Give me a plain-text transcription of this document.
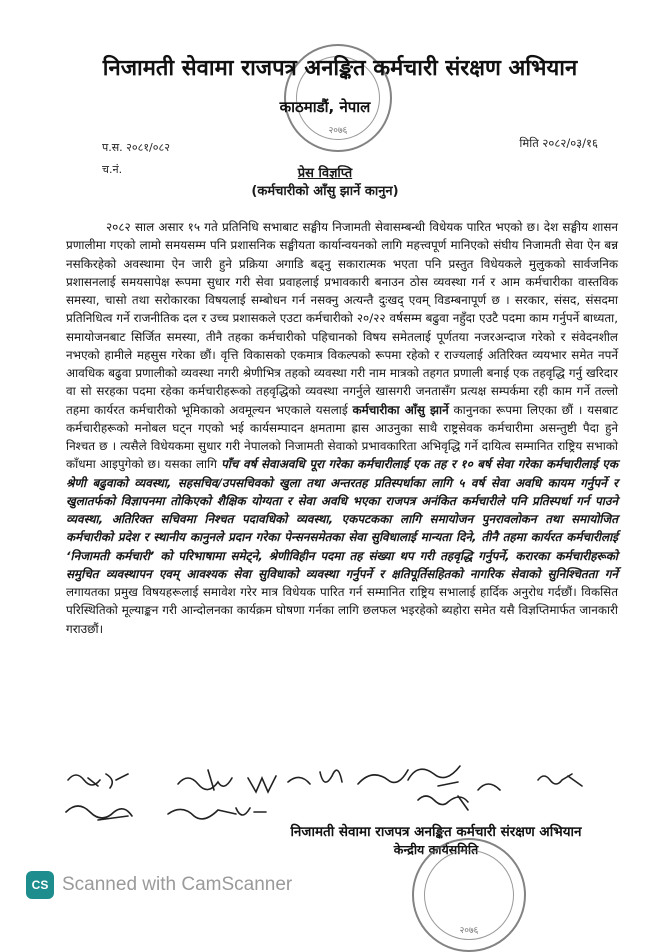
२०७६
निजामती सेवामा राजपत्र अनङ्कित कर्मचारी संरक्षण अभियान
काठमाडौं, नेपाल
प.स. २०८१/०८२
च.नं.
मिति २०८२/०३/१६
प्रेस विज्ञप्ति
(कर्मचारीको आँसु झार्ने कानुन)

२०८२ साल असार १५ गते प्रतिनिधि सभाबाट सङ्घीय निजामती सेवासम्बन्धी विधेयक पारित भएको छ। देश सङ्घीय शासन प्रणालीमा गएको लामो समयसम्म पनि प्रशासनिक सङ्घीयता कार्यान्वयनको लागि महत्त्वपूर्ण मानिएको संघीय निजामती सेवा ऐन बन्न नसकिरहेको अवस्थामा ऐन जारी हुने प्रक्रिया अगाडि बढ्नु सकारात्मक भएता पनि प्रस्तुत विधेयकले मुलुकको सार्वजनिक प्रशासनलाई समयसापेक्ष रूपमा सुधार गरी सेवा प्रवाहलाई प्रभावकारी बनाउन ठोस व्यवस्था गर्न र आम कर्मचारीका वास्तविक समस्या, चासो तथा सरोकारका विषयलाई सम्बोधन गर्न नसक्नु अत्यन्तै दुःखद् एवम् विडम्बनापूर्ण छ । सरकार, संसद, संसदमा प्रतिनिधित्व गर्ने राजनीतिक दल र उच्च प्रशासकले एउटा कर्मचारीको २०/२२ वर्षसम्म बढुवा नहुँदा एउटै पदमा काम गर्नुपर्ने बाध्यता, समायोजनबाट सिर्जित समस्या, तीनै तहका कर्मचारीको पहिचानको विषय समेतलाई पूर्णतया नजरअन्दाज गरेको र संवेदनशील नभएको हामीले महसुस गरेका छौं। वृत्ति विकासको एकमात्र विकल्पको रूपमा रहेको र राज्यलाई अतिरिक्त व्ययभार समेत नपर्ने आवधिक बढुवा प्रणालीको व्यवस्था नगरी श्रेणीभित्र तहको व्यवस्था गरी नाम मात्रको तहगत प्रणाली बनाई एक तहवृद्धि गर्नु खरिदार वा सो सरहका पदमा रहेका कर्मचारीहरूको तहवृद्धिको व्यवस्था नगर्नुले खासगरी जनतासँग प्रत्यक्ष सम्पर्कमा रही काम गर्ने तल्लो तहमा कार्यरत कर्मचारीको भूमिकाको अवमूल्यन भएकाले यसलाई कर्मचारीका आँसु झार्ने कानुनका रूपमा लिएका छौं । यसबाट कर्मचारीहरूको मनोबल घट्न गएको भई कार्यसम्पादन क्षमतामा ह्रास आउनुका साथै राष्ट्रसेवक कर्मचारीमा असन्तुष्टी पैदा हुने निश्चत छ । त्यसैले विधेयकमा सुधार गरी नेपालको निजामती सेवाको प्रभावकारिता अभिवृद्धि गर्ने दायित्व सम्मानित राष्ट्रिय सभाको काँधमा आइपुगेको छ। यसका लागि पाँच वर्ष सेवाअवधि पूरा गरेका कर्मचारीलाई एक तह र १० बर्ष सेवा गरेका कर्मचारीलाई एक श्रेणी बढुवाको व्यवस्था, सहसचिव/उपसचिवको खुला तथा अन्तरतह प्रतिस्पर्धाका लागि ५ वर्ष सेवा अवधि कायम गर्नुपर्ने र खुलातर्फको विज्ञापनमा तोकिएको शैक्षिक योग्यता र सेवा अवधि भएका राजपत्र अनंकित कर्मचारीले पनि प्रतिस्पर्धा गर्न पाउने व्यवस्था, अतिरिक्त सचिवमा निश्चत पदावधिको व्यवस्था, एकपटकका लागि समायोजन पुनरावलोकन तथा समायोजित कर्मचारीको प्रदेश र स्थानीय कानुनले प्रदान गरेका पेन्सनसमेतका सेवा सुविधालाई मान्यता दिने, तीनै तहमा कार्यरत कर्मचारीलाई ‘निजामती कर्मचारी’ को परिभाषामा समेट्ने, श्रेणीविहीन पदमा तह संख्या थप गरी तहवृद्धि गर्नुपर्ने, करारका कर्मचारीहरूको समुचित व्यवस्थापन एवम् आवश्यक सेवा सुविधाको व्यवस्था गर्नुपर्ने र क्षतिपूर्तिसहितको नागरिक सेवाको सुनिश्चितता गर्ने लगायतका प्रमुख विषयहरूलाई समावेश गरेर मात्र विधेयक पारित गर्न सम्मानित राष्ट्रिय सभालाई हार्दिक अनुरोध गर्दछौं। विकसित परिस्थितिको मूल्याङ्कन गरी आन्दोलनका कार्यक्रम घोषणा गर्नका लागि छलफल भइरहेको ब्यहोरा समेत यसै विज्ञप्तिमार्फत जानकारी गराउछौं।

निजामती सेवामा राजपत्र अनङ्कित कर्मचारी संरक्षण अभियान
केन्द्रीय कार्यसमिति
२०७६
CS Scanned with CamScanner
